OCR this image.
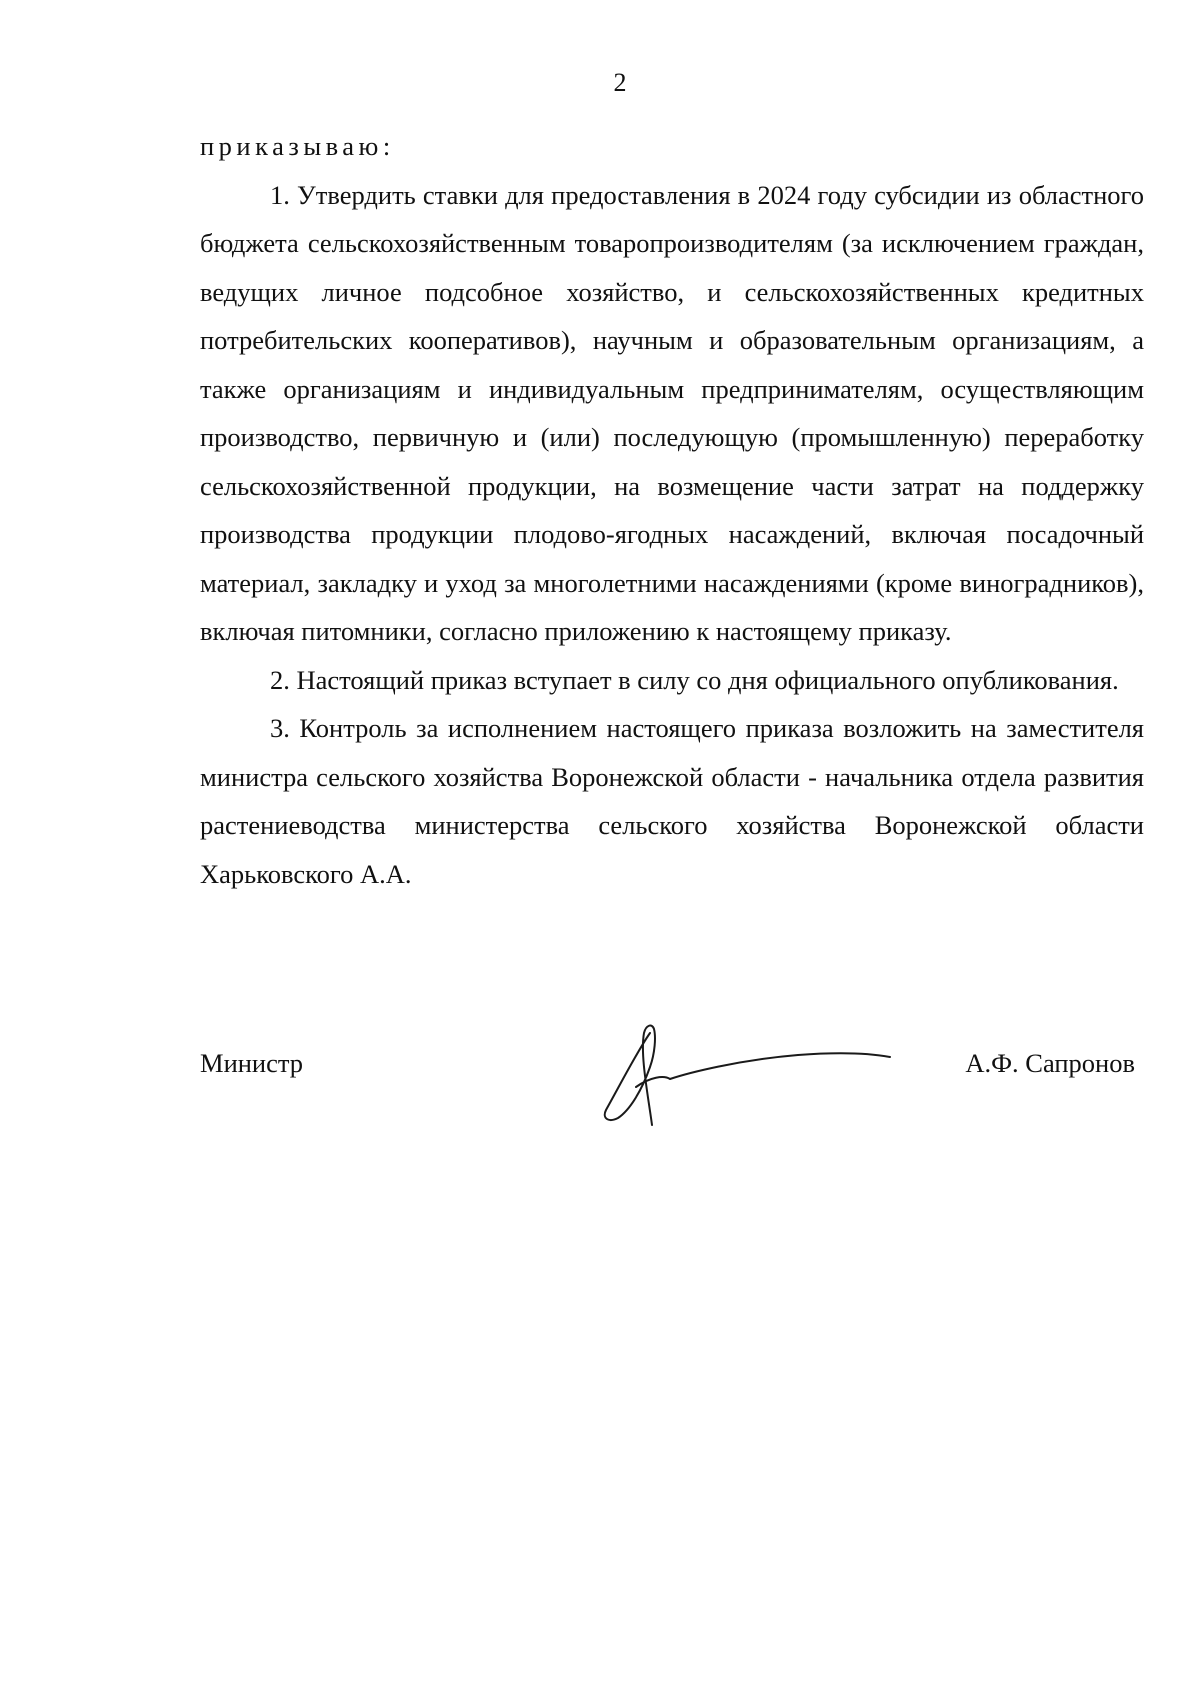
2

приказываю:

1. Утвердить ставки для предоставления в 2024 году субсидии из областного бюджета сельскохозяйственным товаропроизводителям (за исключением граждан, ведущих личное подсобное хозяйство, и сельскохозяйственных кредитных потребительских кооперативов), научным и образовательным организациям, а также организациям и индивидуальным предпринимателям, осуществляющим производство, первичную и (или) последующую (промышленную) переработку сельскохозяйственной продукции, на возмещение части затрат на поддержку производства продукции плодово-ягодных насаждений, включая посадочный материал, закладку и уход за многолетними насаждениями (кроме виноградников), включая питомники, согласно приложению к настоящему приказу.

2. Настоящий приказ вступает в силу со дня официального опубликования.

3. Контроль за исполнением настоящего приказа возложить на заместителя министра сельского хозяйства Воронежской области - начальника отдела развития растениеводства министерства сельского хозяйства Воронежской области Харьковского А.А.

Министр	А.Ф. Сапронов
